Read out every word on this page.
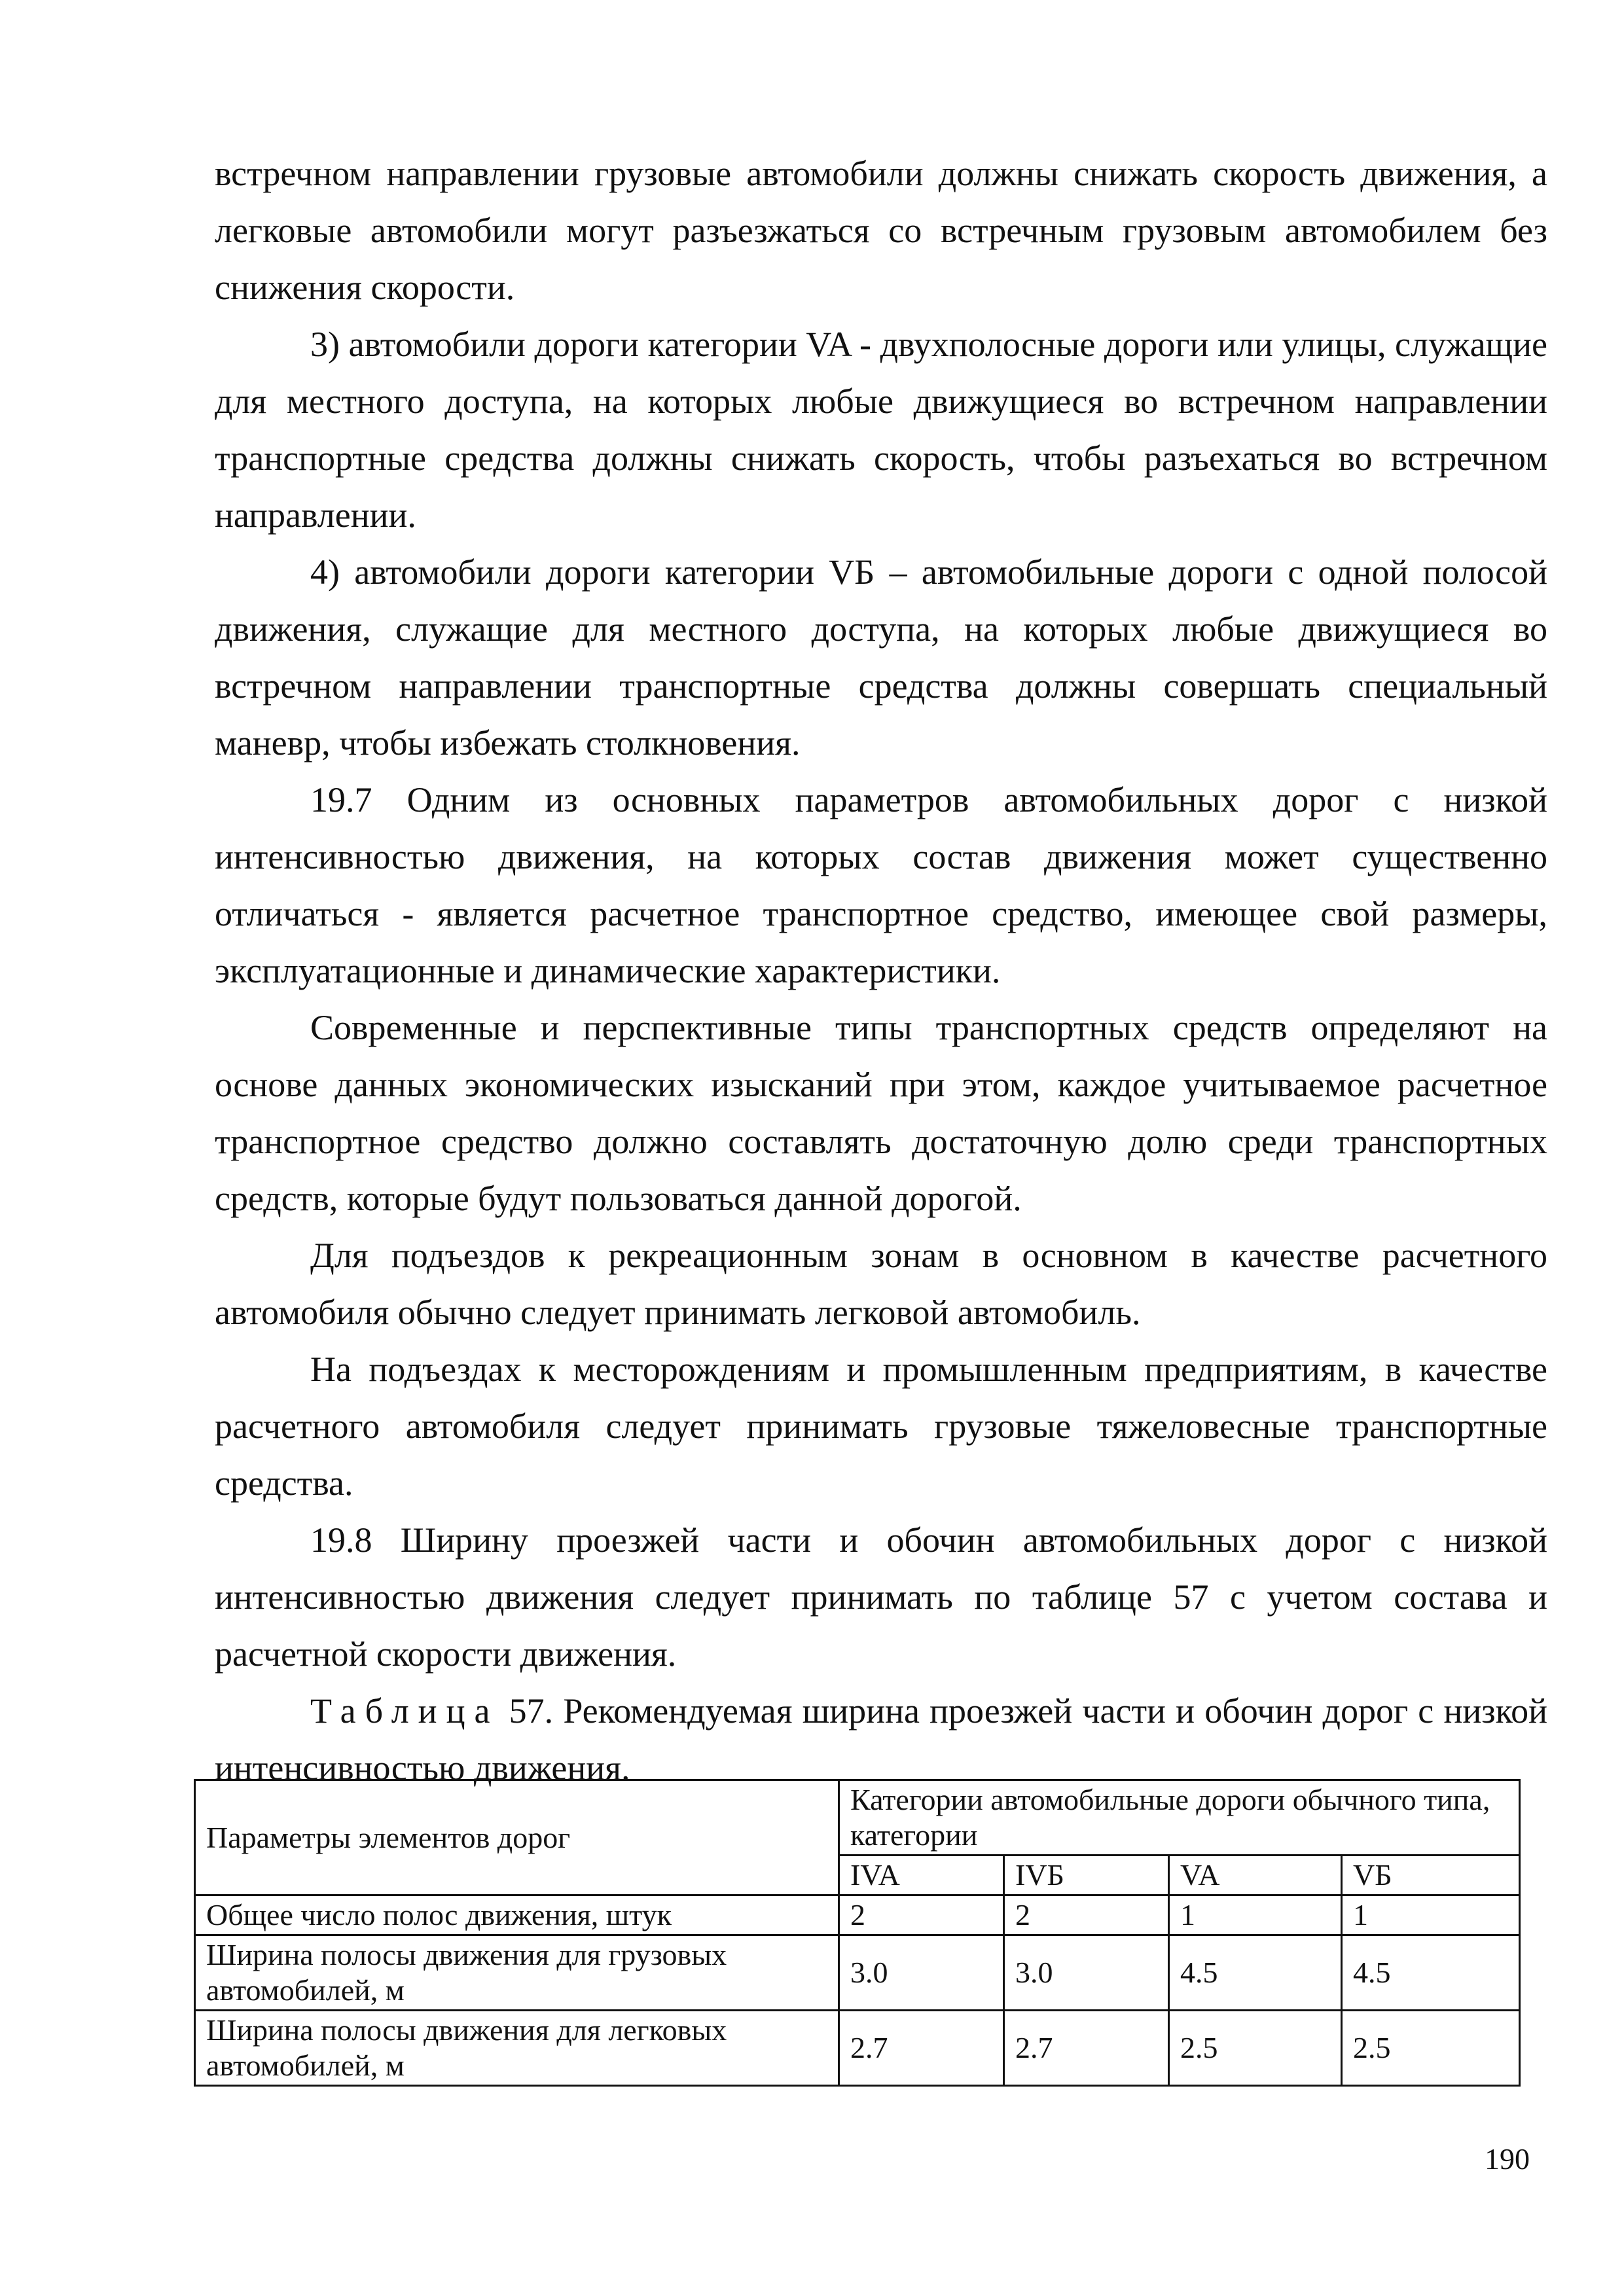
встречном направлении грузовые автомобили должны снижать скорость движения, а легковые автомобили могут разъезжаться со встречным грузовым автомобилем без снижения скорости.

3) автомобили дороги категории VA - двухполосные дороги или улицы, служащие для местного доступа, на которых любые движущиеся во встречном направлении транспортные средства должны снижать скорость, чтобы разъехаться во встречном направлении.

4) автомобили дороги категории VБ – автомобильные дороги с одной полосой движения, служащие для местного доступа, на которых любые движущиеся во встречном направлении транспортные средства должны совершать специальный маневр, чтобы избежать столкновения.

19.7 Одним из основных параметров автомобильных дорог с низкой интенсивностью движения, на которых состав движения может существенно отличаться - является расчетное транспортное средство, имеющее свой размеры, эксплуатационные и динамические характеристики.

Современные и перспективные типы транспортных средств определяют на основе данных экономических изысканий при этом, каждое учитываемое расчетное транспортное средство должно составлять достаточную долю среди транспортных средств, которые будут пользоваться данной дорогой.

Для подъездов к рекреационным зонам в основном в качестве расчетного автомобиля обычно следует принимать легковой автомобиль.

На подъездах к месторождениям и промышленным предприятиям, в качестве расчетного автомобиля следует принимать грузовые тяжеловесные транспортные средства.

19.8 Ширину проезжей части и обочин автомобильных дорог с низкой интенсивностью движения следует принимать по таблице 57 с учетом состава и расчетной скорости движения.

Таблица 57. Рекомендуемая ширина проезжей части и обочин дорог с низкой интенсивностью движения.

Параметры элементов дорог	Категории автомобильные дороги обычного типа, категории			
	IVA	IVБ	VA	VБ
Общее число полос движения, штук	2	2	1	1
Ширина полосы движения для грузовых автомобилей, м	3.0	3.0	4.5	4.5
Ширина полосы движения для легковых автомобилей, м	2.7	2.7	2.5	2.5
190
